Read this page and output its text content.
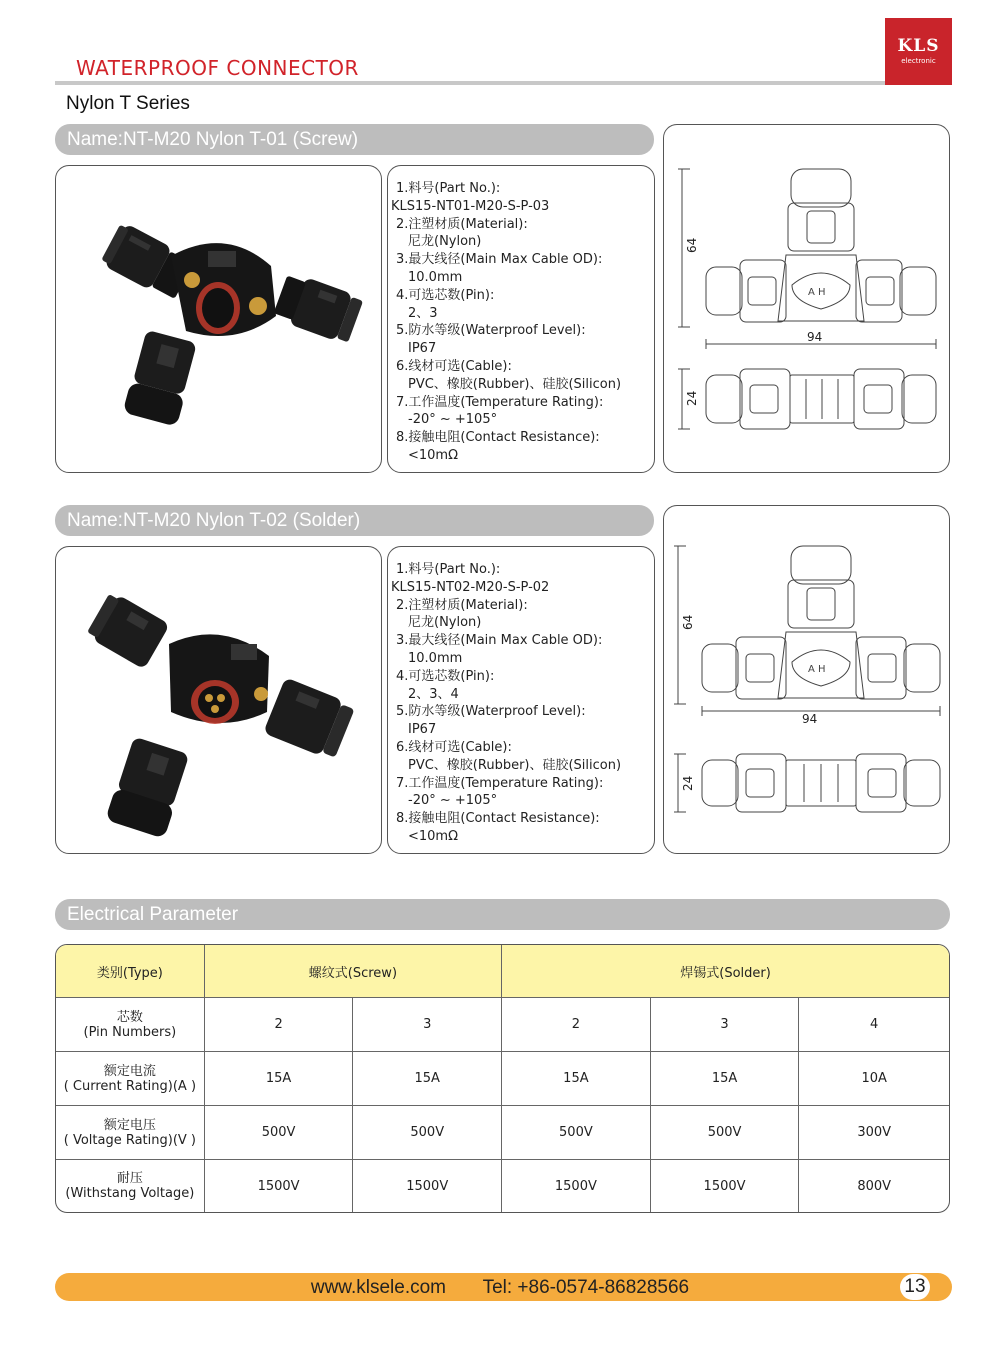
WATERPROOF CONNECTOR
KLS
electronic
Nylon T Series
Name:NT-M20 Nylon T-01 (Screw)
1.料号(Part No.):
KLS15-NT01-M20-S-P-03
2.注塑材质(Material):
尼龙(Nylon)
3.最大线径(Main Max Cable OD):
10.0mm
4.可选芯数(Pin):
2、3
5.防水等级(Waterproof Level):
IP67
6.线材可选(Cable):
PVC、橡胶(Rubber)、硅胶(Silicon)
7.工作温度(Temperature Rating):
-20° ~ +105°
8.接触电阻(Contact Resistance):
<10mΩ
64
A H
94
24
Name:NT-M20 Nylon T-02 (Solder)
1.料号(Part No.):
KLS15-NT02-M20-S-P-02
2.注塑材质(Material):
尼龙(Nylon)
3.最大线径(Main Max Cable OD):
10.0mm
4.可选芯数(Pin):
2、3、4
5.防水等级(Waterproof Level):
IP67
6.线材可选(Cable):
PVC、橡胶(Rubber)、硅胶(Silicon)
7.工作温度(Temperature Rating):
-20° ~ +105°
8.接触电阻(Contact Resistance):
<10mΩ
64
A H
94
24
Electrical Parameter
类别(Type)	螺纹式(Screw)		焊锡式(Solder)		

芯数
(Pin Numbers)	2	3	2	3	4

额定电流
( Current Rating)(A )	15A	15A	15A	15A	10A

额定电压
( Voltage Rating)(V )	500V	500V	500V	500V	300V

耐压
(Withstang Voltage)	1500V	1500V	1500V	1500V	800V
www.klsele.com Tel: +86-0574-86828566	13
